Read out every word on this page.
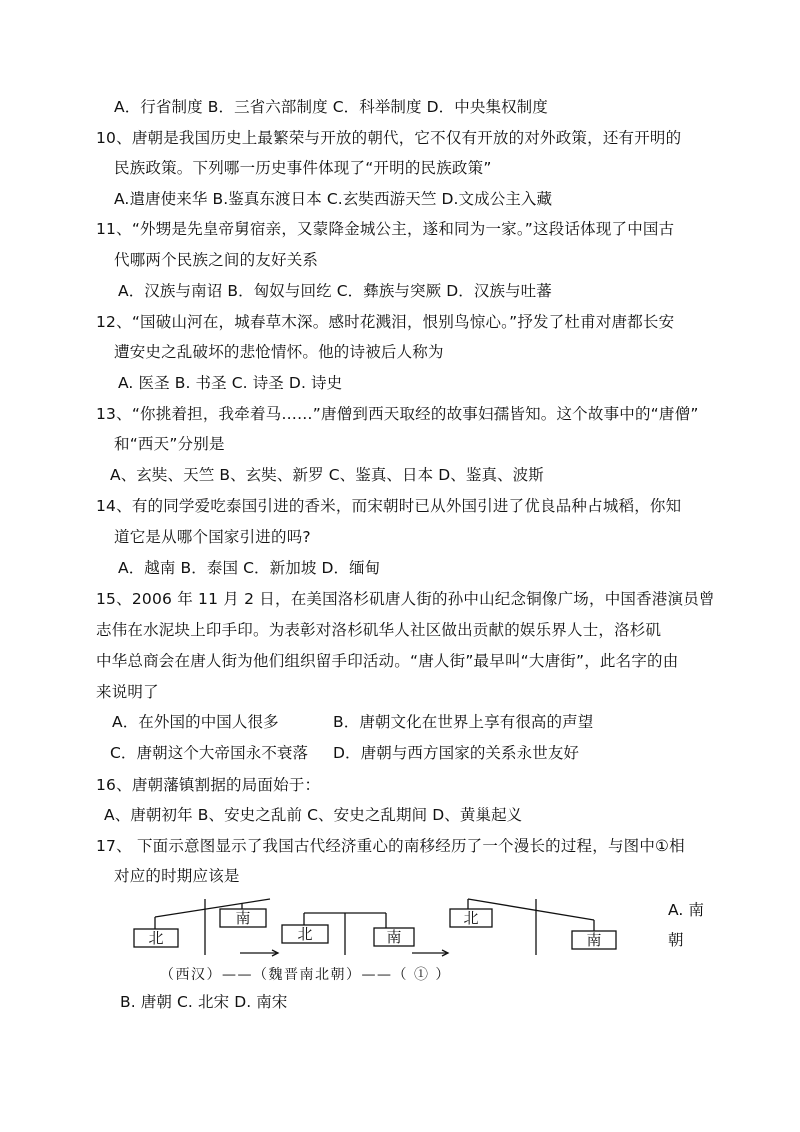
A．行省制度 B．三省六部制度 C．科举制度 D．中央集权制度
10、唐朝是我国历史上最繁荣与开放的朝代，它不仅有开放的对外政策，还有开明的
民族政策。下列哪一历史事件体现了“开明的民族政策”
A.遣唐使来华 B.鉴真东渡日本 C.玄奘西游天竺 D.文成公主入藏
11、“外甥是先皇帝舅宿亲，又蒙降金城公主，遂和同为一家。”这段话体现了中国古
代哪两个民族之间的友好关系
A．汉族与南诏 B．匈奴与回纥 C．彝族与突厥 D．汉族与吐蕃
12、“国破山河在，城春草木深。感时花溅泪，恨别鸟惊心。”抒发了杜甫对唐都长安
遭安史之乱破坏的悲怆情怀。他的诗被后人称为
A. 医圣 B. 书圣 C. 诗圣 D. 诗史
13、“你挑着担，我牵着马……”唐僧到西天取经的故事妇孺皆知。这个故事中的“唐僧”
和“西天”分别是
A、玄奘、天竺 B、玄奘、新罗 C、鉴真、日本 D、鉴真、波斯
14、有的同学爱吃泰国引进的香米，而宋朝时已从外国引进了优良品种占城稻，你知
道它是从哪个国家引进的吗?
A．越南 B．泰国 C．新加坡 D．缅甸
15、2006 年 11 月 2 日，在美国洛杉矶唐人街的孙中山纪念铜像广场，中国香港演员曾
志伟在水泥块上印手印。为表彰对洛杉矶华人社区做出贡献的娱乐界人士，洛杉矶
中华总商会在唐人街为他们组织留手印活动。“唐人街”最早叫“大唐街”，此名字的由
来说明了
A．在外国的中国人很多	B．唐朝文化在世界上享有很高的声望
C．唐朝这个大帝国永不衰落 D．唐朝与西方国家的关系永世友好
16、唐朝藩镇割据的局面始于：
A、唐朝初年 B、安史之乱前 C、安史之乱期间 D、黄巢起义
17、 下面示意图显示了我国古代经济重心的南移经历了一个漫长的过程，与图中①相
对应的时期应该是
A. 南
朝
北
南
北	南
北
南
（西汉）——（魏晋南北朝）——（ ① ）
B. 唐朝 C. 北宋 D. 南宋
